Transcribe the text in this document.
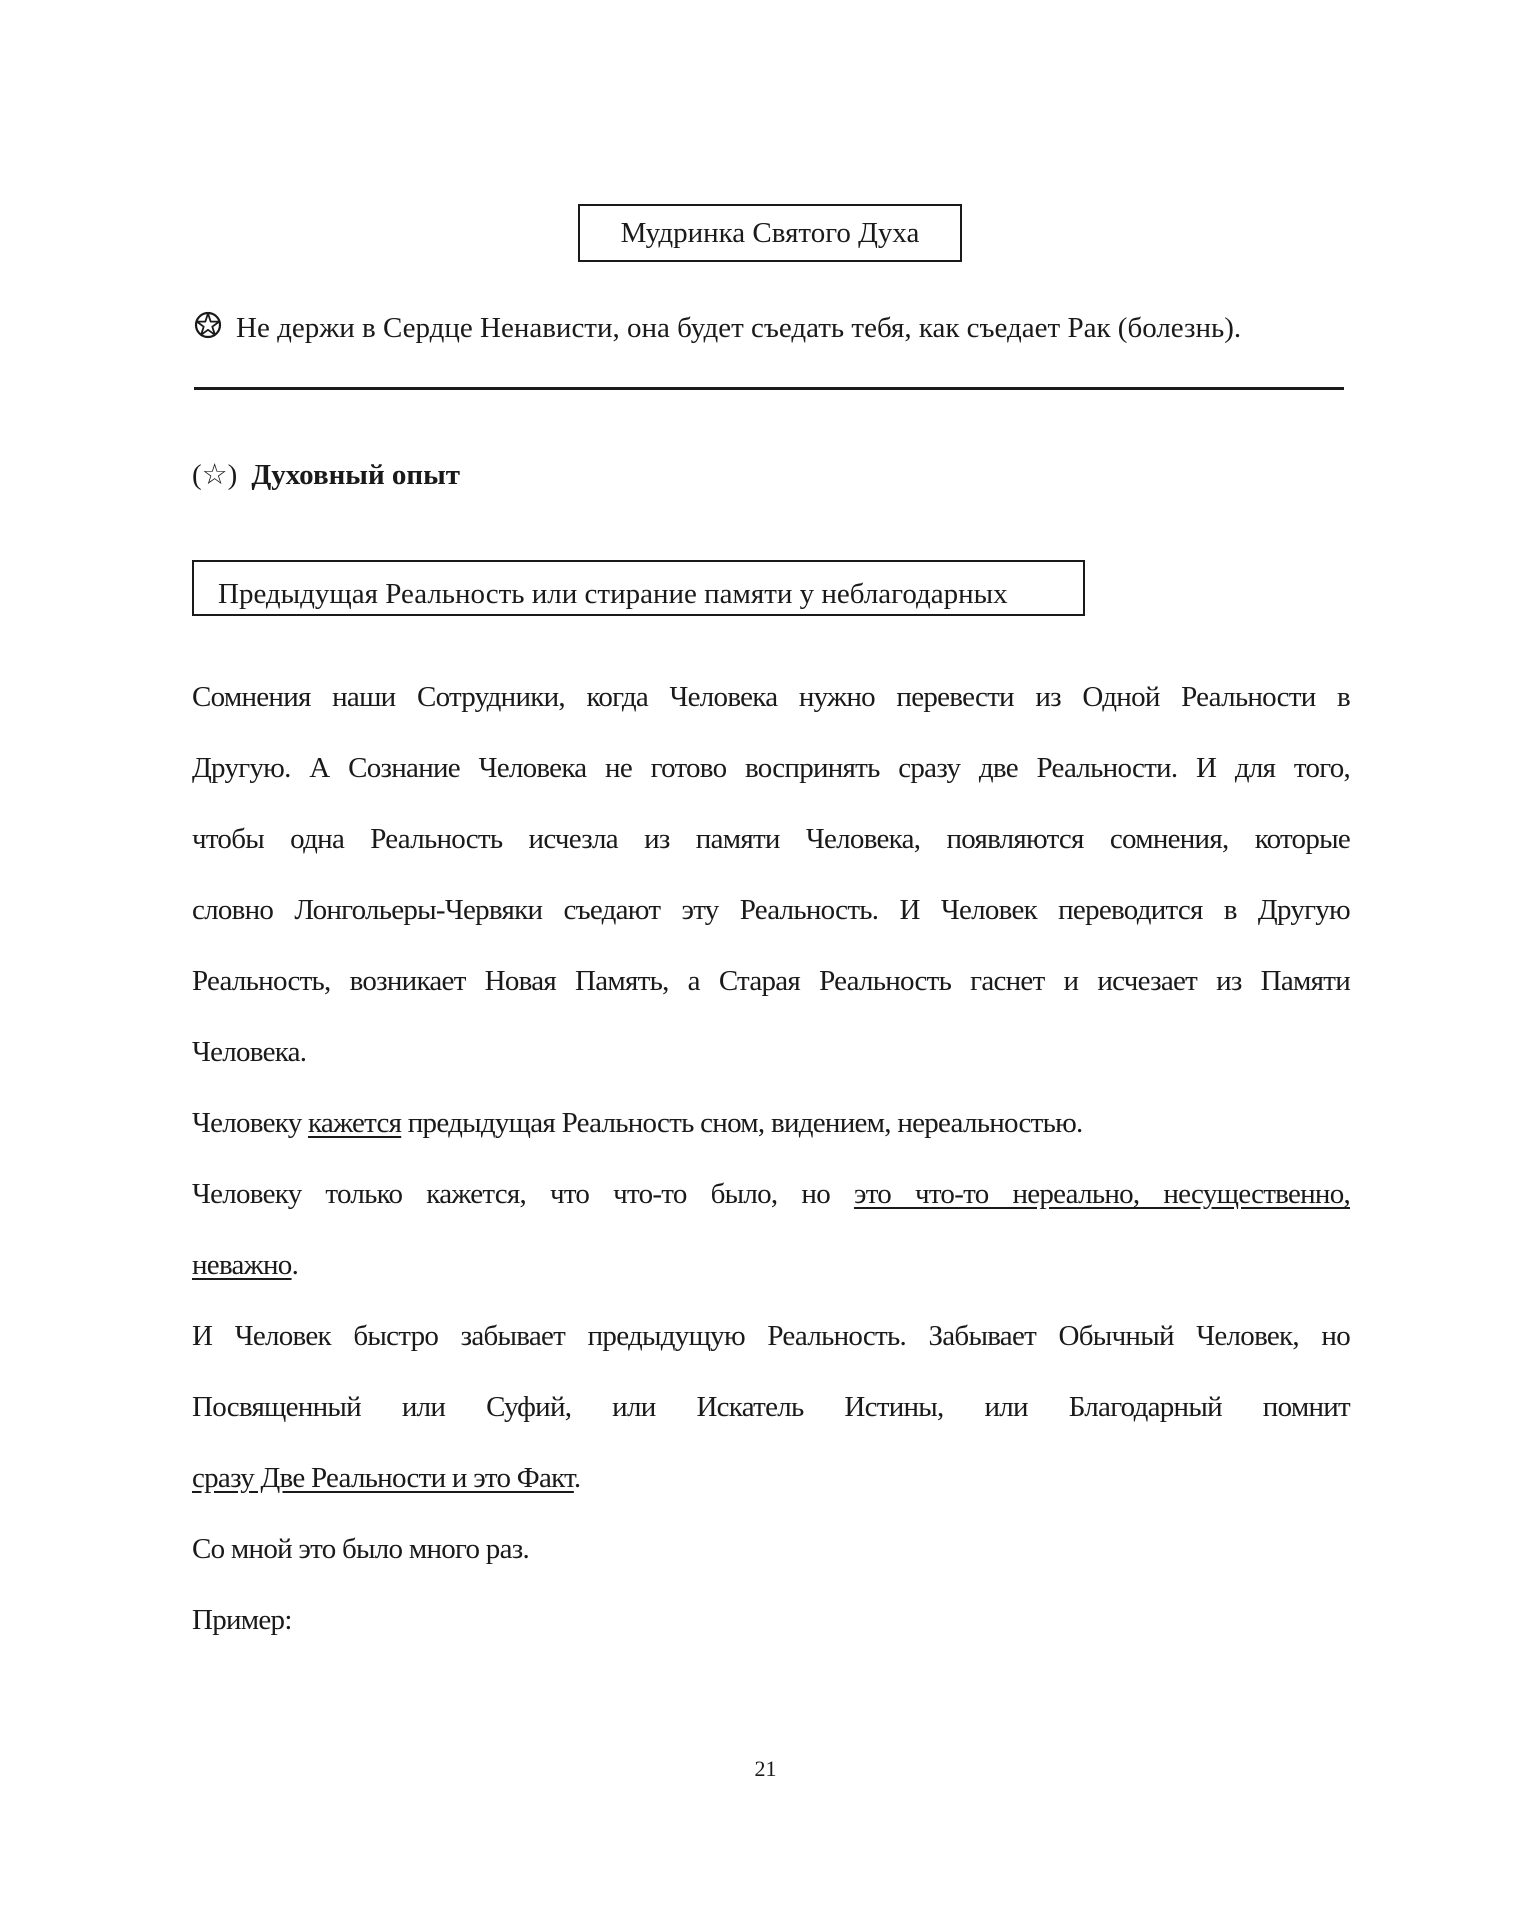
Мудринка Святого Духа
Не держи в Сердце Ненависти, она будет съедать тебя, как съедает Рак (болезнь).
(☆) Духовный опыт
Предыдущая Реальность или стирание памяти у неблагодарных
Сомнения наши Сотрудники, когда Человека нужно перевести из Одной Реальности в
Другую. А Сознание Человека не готово воспринять сразу две Реальности. И для того,
чтобы одна Реальность исчезла из памяти Человека, появляются сомнения, которые
словно Лонгольеры-Червяки съедают эту Реальность. И Человек переводится в Другую
Реальность, возникает Новая Память, а Старая Реальность гаснет и исчезает из Памяти
Человека.
Человеку кажется предыдущая Реальность сном, видением, нереальностью.
Человеку только кажется, что что-то было, но это что-то нереально, несущественно,
неважно.
И Человек быстро забывает предыдущую Реальность. Забывает Обычный Человек, но
Посвященный или Суфий, или Искатель Истины, или Благодарный помнит
сразу Две Реальности и это Факт.
Со мной это было много раз.
Пример:
21
